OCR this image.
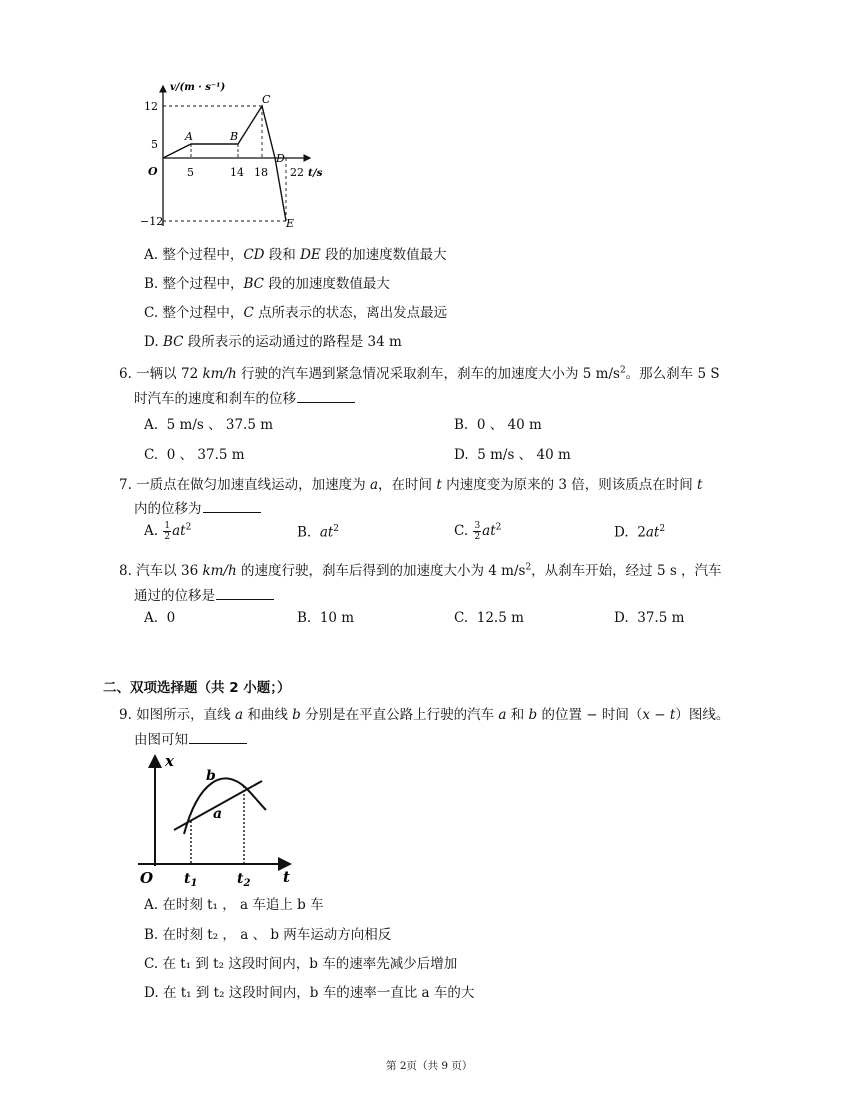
v/(m · s⁻¹)
12
5
O
−12
5	14 18 22 t/s
A	B
C
D
E
A. 整个过程中，CD 段和 DE 段的加速度数值最大
B. 整个过程中，BC 段的加速度数值最大
C. 整个过程中，C 点所表示的状态，离出发点最远
D. BC 段所表示的运动通过的路程是 34 m
6. 一辆以 72 km/h 行驶的汽车遇到紧急情况采取刹车，刹车的加速度大小为 5 $m/s^2$。那么刹车 5 S
时汽车的速度和刹车的位移
A. 5 m/s 、 37.5 m	B. 0 、 40 m
C. 0 、 37.5 m	D. 5 m/s 、 40 m
7. 一质点在做匀加速直线运动，加速度为 a，在时间 t 内速度变为原来的 3 倍，则该质点在时间 t
内的位移为
A. $\frac{1}{2} at^2$	B. $at^2$	C. $\frac{3}{2} at^2$	D. $2at^2$
8. 汽车以 36 km/h 的速度行驶，刹车后得到的加速度大小为 4 $m/s^2$，从刹车开始，经过 5 s ，汽车
通过的位移是
A. 0	B. 10 m	C. 12.5 m	D. 37.5 m
二、双项选择题（共 2 小题；）
9. 如图所示，直线 a 和曲线 b 分别是在平直公路上行驶的汽车 a 和 b 的位置 − 时间（x − t）图线。
由图可知
x
b
a
O $t_1$	$t_2$ t
A. 在时刻 t₁ ， a 车追上 b 车
B. 在时刻 t₂ ， a 、 b 两车运动方向相反
C. 在 t₁ 到 t₂ 这段时间内，b 车的速率先减少后增加
D. 在 t₁ 到 t₂ 这段时间内，b 车的速率一直比 a 车的大
第 2页（共 9 页）
